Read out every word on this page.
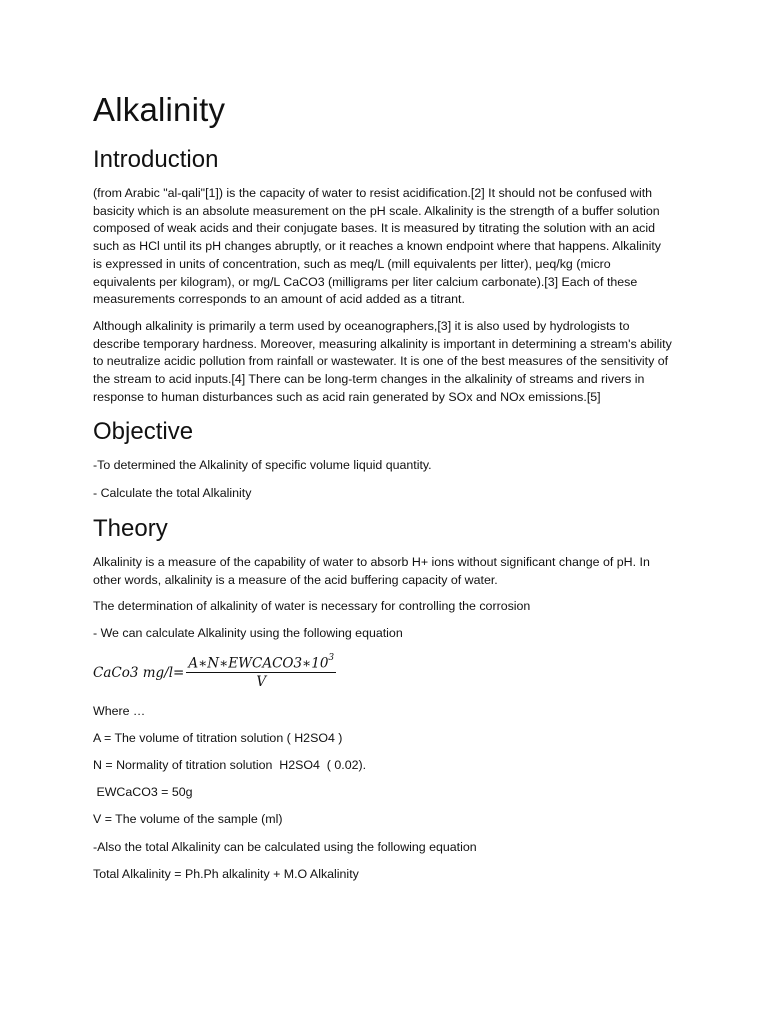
Alkalinity
Introduction

(from Arabic "al-qali"[1]) is the capacity of water to resist acidification.[2] It should not be confused with basicity which is an absolute measurement on the pH scale. Alkalinity is the strength of a buffer solution composed of weak acids and their conjugate bases. It is measured by titrating the solution with an acid such as HCl until its pH changes abruptly, or it reaches a known endpoint where that happens. Alkalinity is expressed in units of concentration, such as meq/L (mill equivalents per litter), μeq/kg (micro equivalents per kilogram), or mg/L CaCO3 (milligrams per liter calcium carbonate).[3] Each of these measurements corresponds to an amount of acid added as a titrant.

Although alkalinity is primarily a term used by oceanographers,[3] it is also used by hydrologists to describe temporary hardness. Moreover, measuring alkalinity is important in determining a stream's ability to neutralize acidic pollution from rainfall or wastewater. It is one of the best measures of the sensitivity of the stream to acid inputs.[4] There can be long-term changes in the alkalinity of streams and rivers in response to human disturbances such as acid rain generated by SOx and NOx emissions.[5]

Objective

-To determined the Alkalinity of specific volume liquid quantity.

- Calculate the total Alkalinity

Theory

Alkalinity is a measure of the capability of water to absorb H+ ions without significant change of pH. In other words, alkalinity is a measure of the acid buffering capacity of water.

The determination of alkalinity of water is necessary for controlling the corrosion

- We can calculate Alkalinity using the following equation

CaCo3 $mg/l= \frac{A∗N∗EWCACO3∗10^3}{V}$

Where …

A = The volume of titration solution ( H2SO4 )

N = Normality of titration solution  H2SO4  ( 0.02).

EWCaCO3 = 50g

V = The volume of the sample (ml)

-Also the total Alkalinity can be calculated using the following equation

Total Alkalinity = Ph.Ph alkalinity + M.O Alkalinity
